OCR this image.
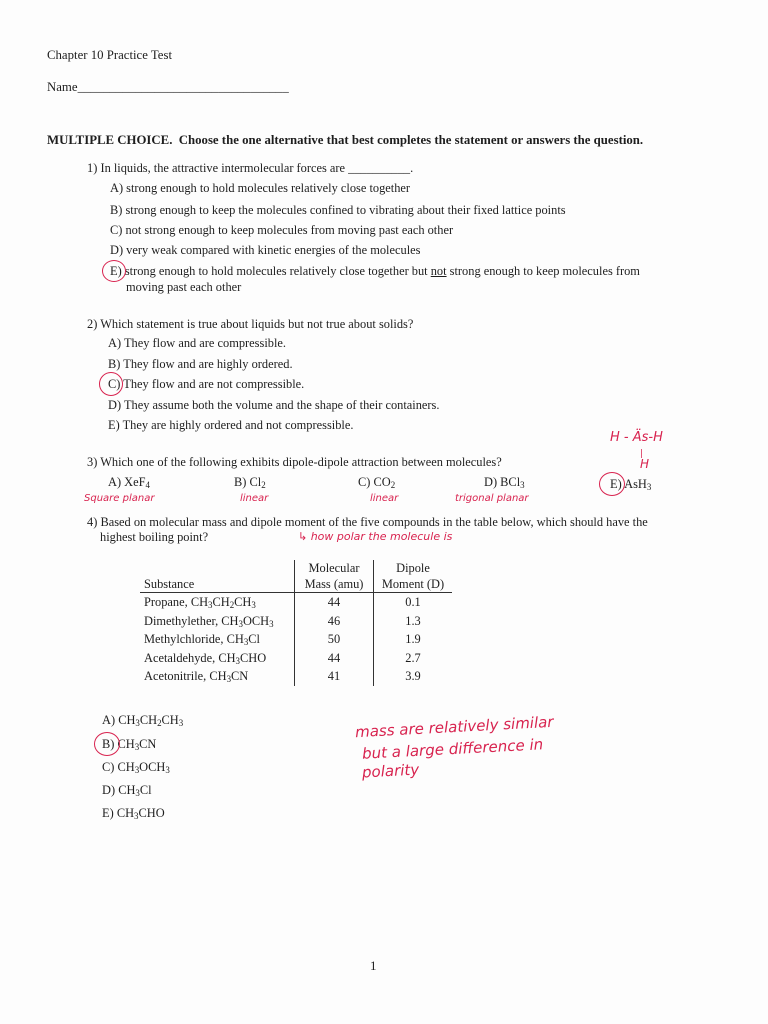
Chapter 10 Practice Test
Name_________________________________
MULTIPLE CHOICE. Choose the one alternative that best completes the statement or answers the question.
1) In liquids, the attractive intermolecular forces are __________.
A) strong enough to hold molecules relatively close together
B) strong enough to keep the molecules confined to vibrating about their fixed lattice points
C) not strong enough to keep molecules from moving past each other
D) very weak compared with kinetic energies of the molecules
E) strong enough to hold molecules relatively close together but not strong enough to keep molecules from
moving past each other
2) Which statement is true about liquids but not true about solids?
A) They flow and are compressible.
B) They flow and are highly ordered.
C) They flow and are not compressible.
D) They assume both the volume and the shape of their containers.
E) They are highly ordered and not compressible.
H - Äs-H
|
H
3) Which one of the following exhibits dipole-dipole attraction between molecules?
A) XeF$_4$	B) $Cl_2$	C) $CO_2$	D) BCl$_3$	E) AsH$_3$
Square planar	linear	linear	trigonal planar
4) Based on molecular mass and dipole moment of the five compounds in the table below, which should have the
highest boiling point?	↳ how polar the molecule is
	Molecular	Dipole
Substance	Mass (amu)	Moment (D)
Propane, $CH_3CH_2CH_3$	44	0.1
Dimethylether, $CH_3OCH_3$	46	1.3
Methylchloride, $CH_3Cl$	50	1.9
Acetaldehyde, $CH_3CHO$	44	2.7
Acetonitrile, $CH_3CN$	41	3.9
A) $CH_3CH_2CH_3$
B) $CH_3CN$
C) $CH_3OCH_3$
D) $CH_3Cl$
E) $CH_3CHO$
mass are relatively similar
but a large difference in
polarity
1
